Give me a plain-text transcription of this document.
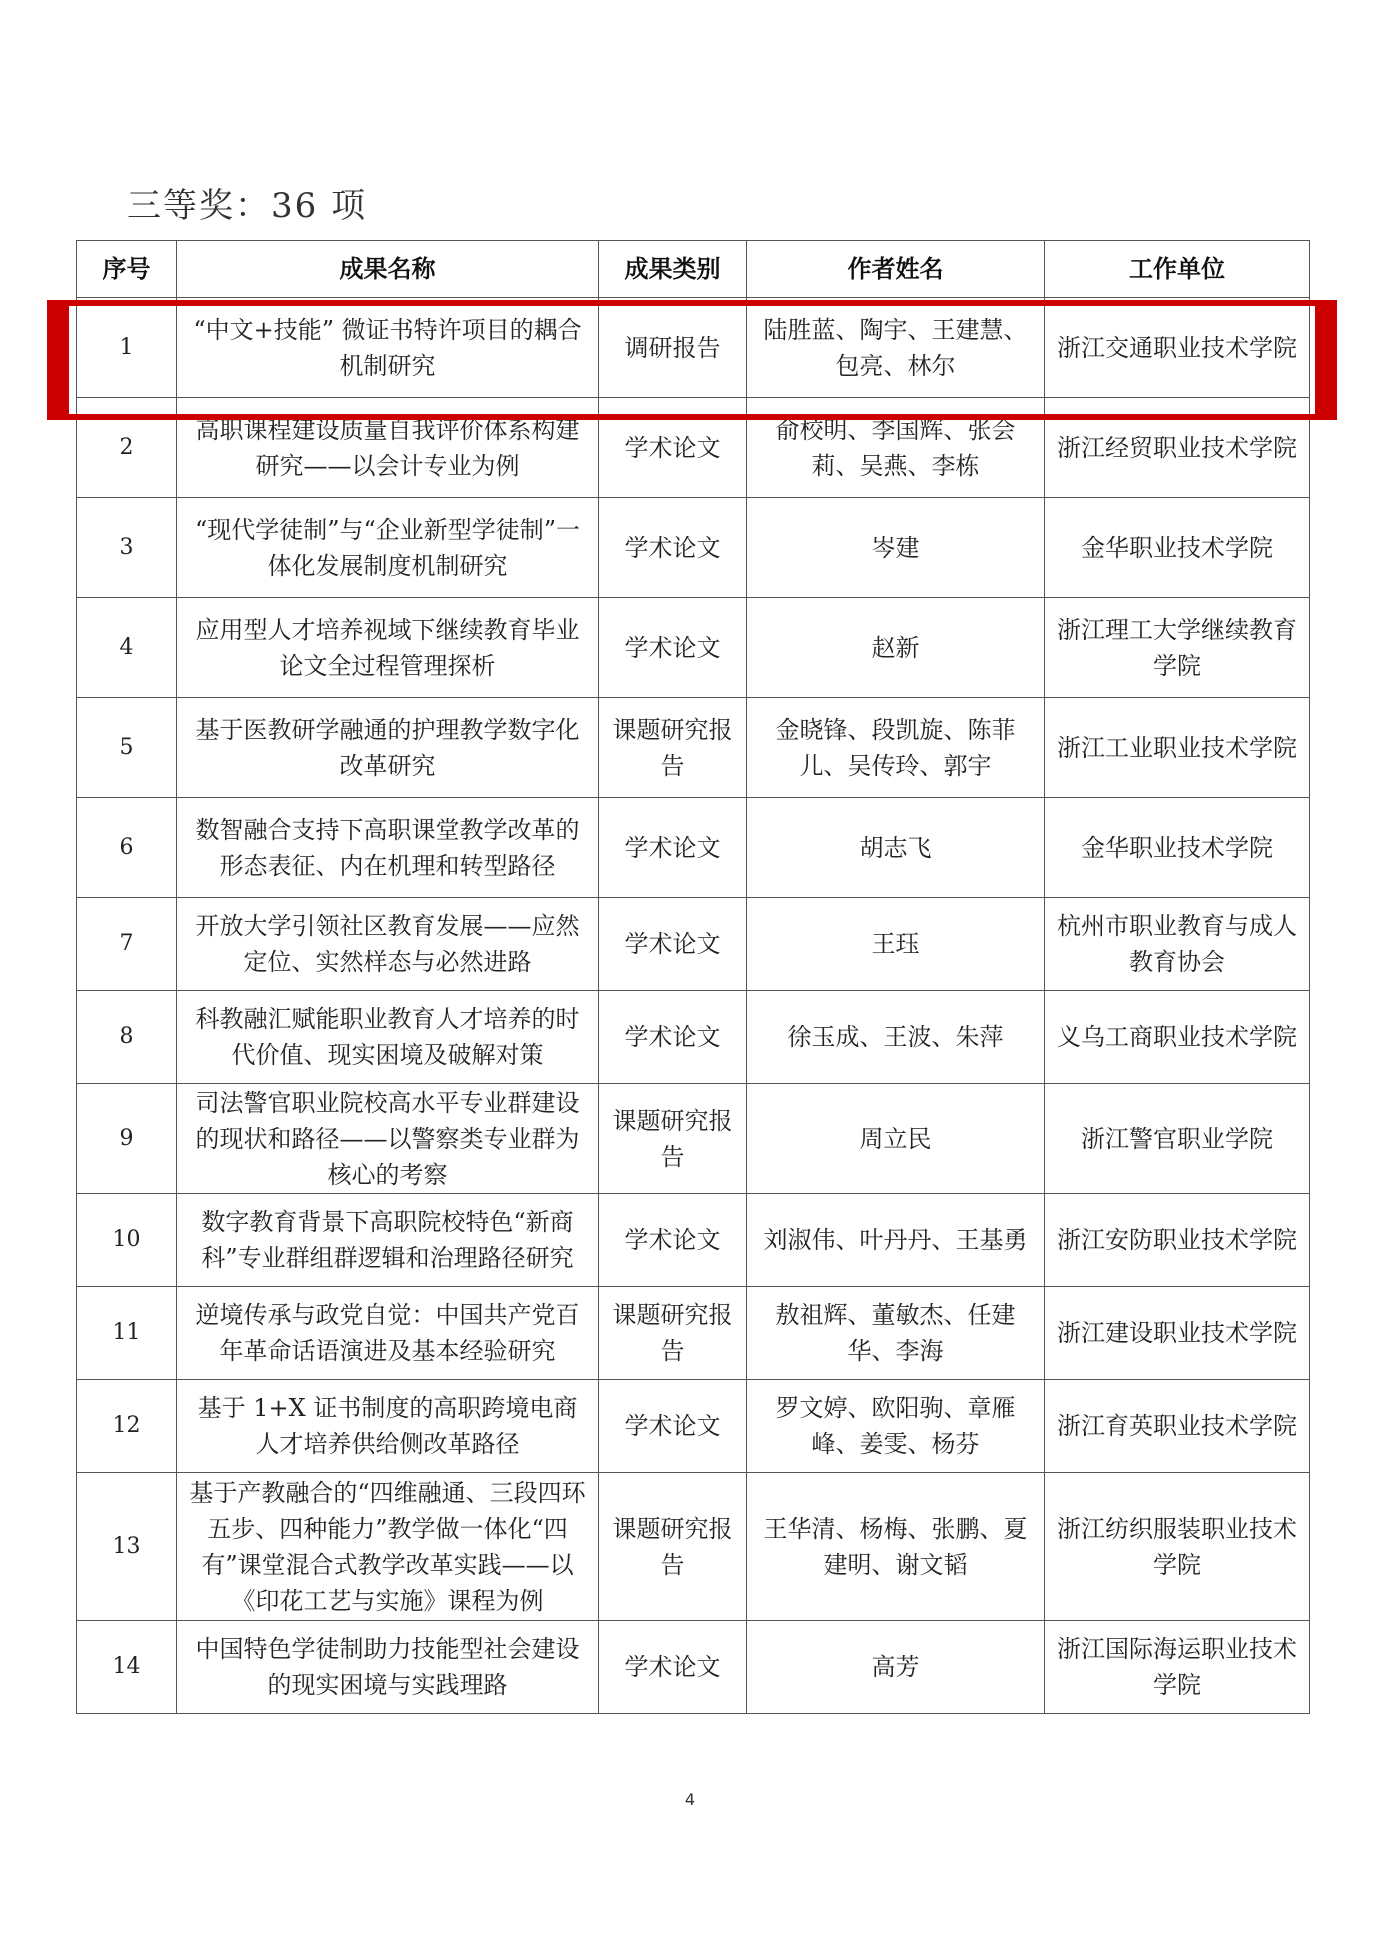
三等奖：36 项
序号	成果名称	成果类别	作者姓名	工作单位
1	“中文+技能” 微证书特许项目的耦合机制研究	调研报告	陆胜蓝、陶宇、王建慧、包亮、林尔	浙江交通职业技术学院
2	高职课程建设质量自我评价体系构建研究——以会计专业为例	学术论文	俞校明、李国辉、张会莉、吴燕、李栋	浙江经贸职业技术学院
3	“现代学徒制”与“企业新型学徒制”一体化发展制度机制研究	学术论文	岑建	金华职业技术学院
4	应用型人才培养视域下继续教育毕业论文全过程管理探析	学术论文	赵新	浙江理工大学继续教育学院
5	基于医教研学融通的护理教学数字化改革研究	课题研究报告	金晓锋、段凯旋、陈菲儿、吴传玲、郭宇	浙江工业职业技术学院
6	数智融合支持下高职课堂教学改革的形态表征、内在机理和转型路径	学术论文	胡志飞	金华职业技术学院
7	开放大学引领社区教育发展——应然定位、实然样态与必然进路	学术论文	王珏	杭州市职业教育与成人教育协会
8	科教融汇赋能职业教育人才培养的时代价值、现实困境及破解对策	学术论文	徐玉成、王波、朱萍	义乌工商职业技术学院
9	司法警官职业院校高水平专业群建设的现状和路径——以警察类专业群为核心的考察	课题研究报告	周立民	浙江警官职业学院
10	数字教育背景下高职院校特色“新商科”专业群组群逻辑和治理路径研究	学术论文	刘淑伟、叶丹丹、王基勇	浙江安防职业技术学院
11	逆境传承与政党自觉：中国共产党百年革命话语演进及基本经验研究	课题研究报告	敖祖辉、董敏杰、任建华、李海	浙江建设职业技术学院
12	基于 1+X 证书制度的高职跨境电商人才培养供给侧改革路径	学术论文	罗文婷、欧阳驹、章雁峰、姜雯、杨芬	浙江育英职业技术学院
13	基于产教融合的“四维融通、三段四环五步、四种能力”教学做一体化“四有”课堂混合式教学改革实践——以《印花工艺与实施》课程为例	课题研究报告	王华清、杨梅、张鹏、夏建明、谢文韬	浙江纺织服装职业技术学院
14	中国特色学徒制助力技能型社会建设的现实困境与实践理路	学术论文	高芳	浙江国际海运职业技术学院
4
